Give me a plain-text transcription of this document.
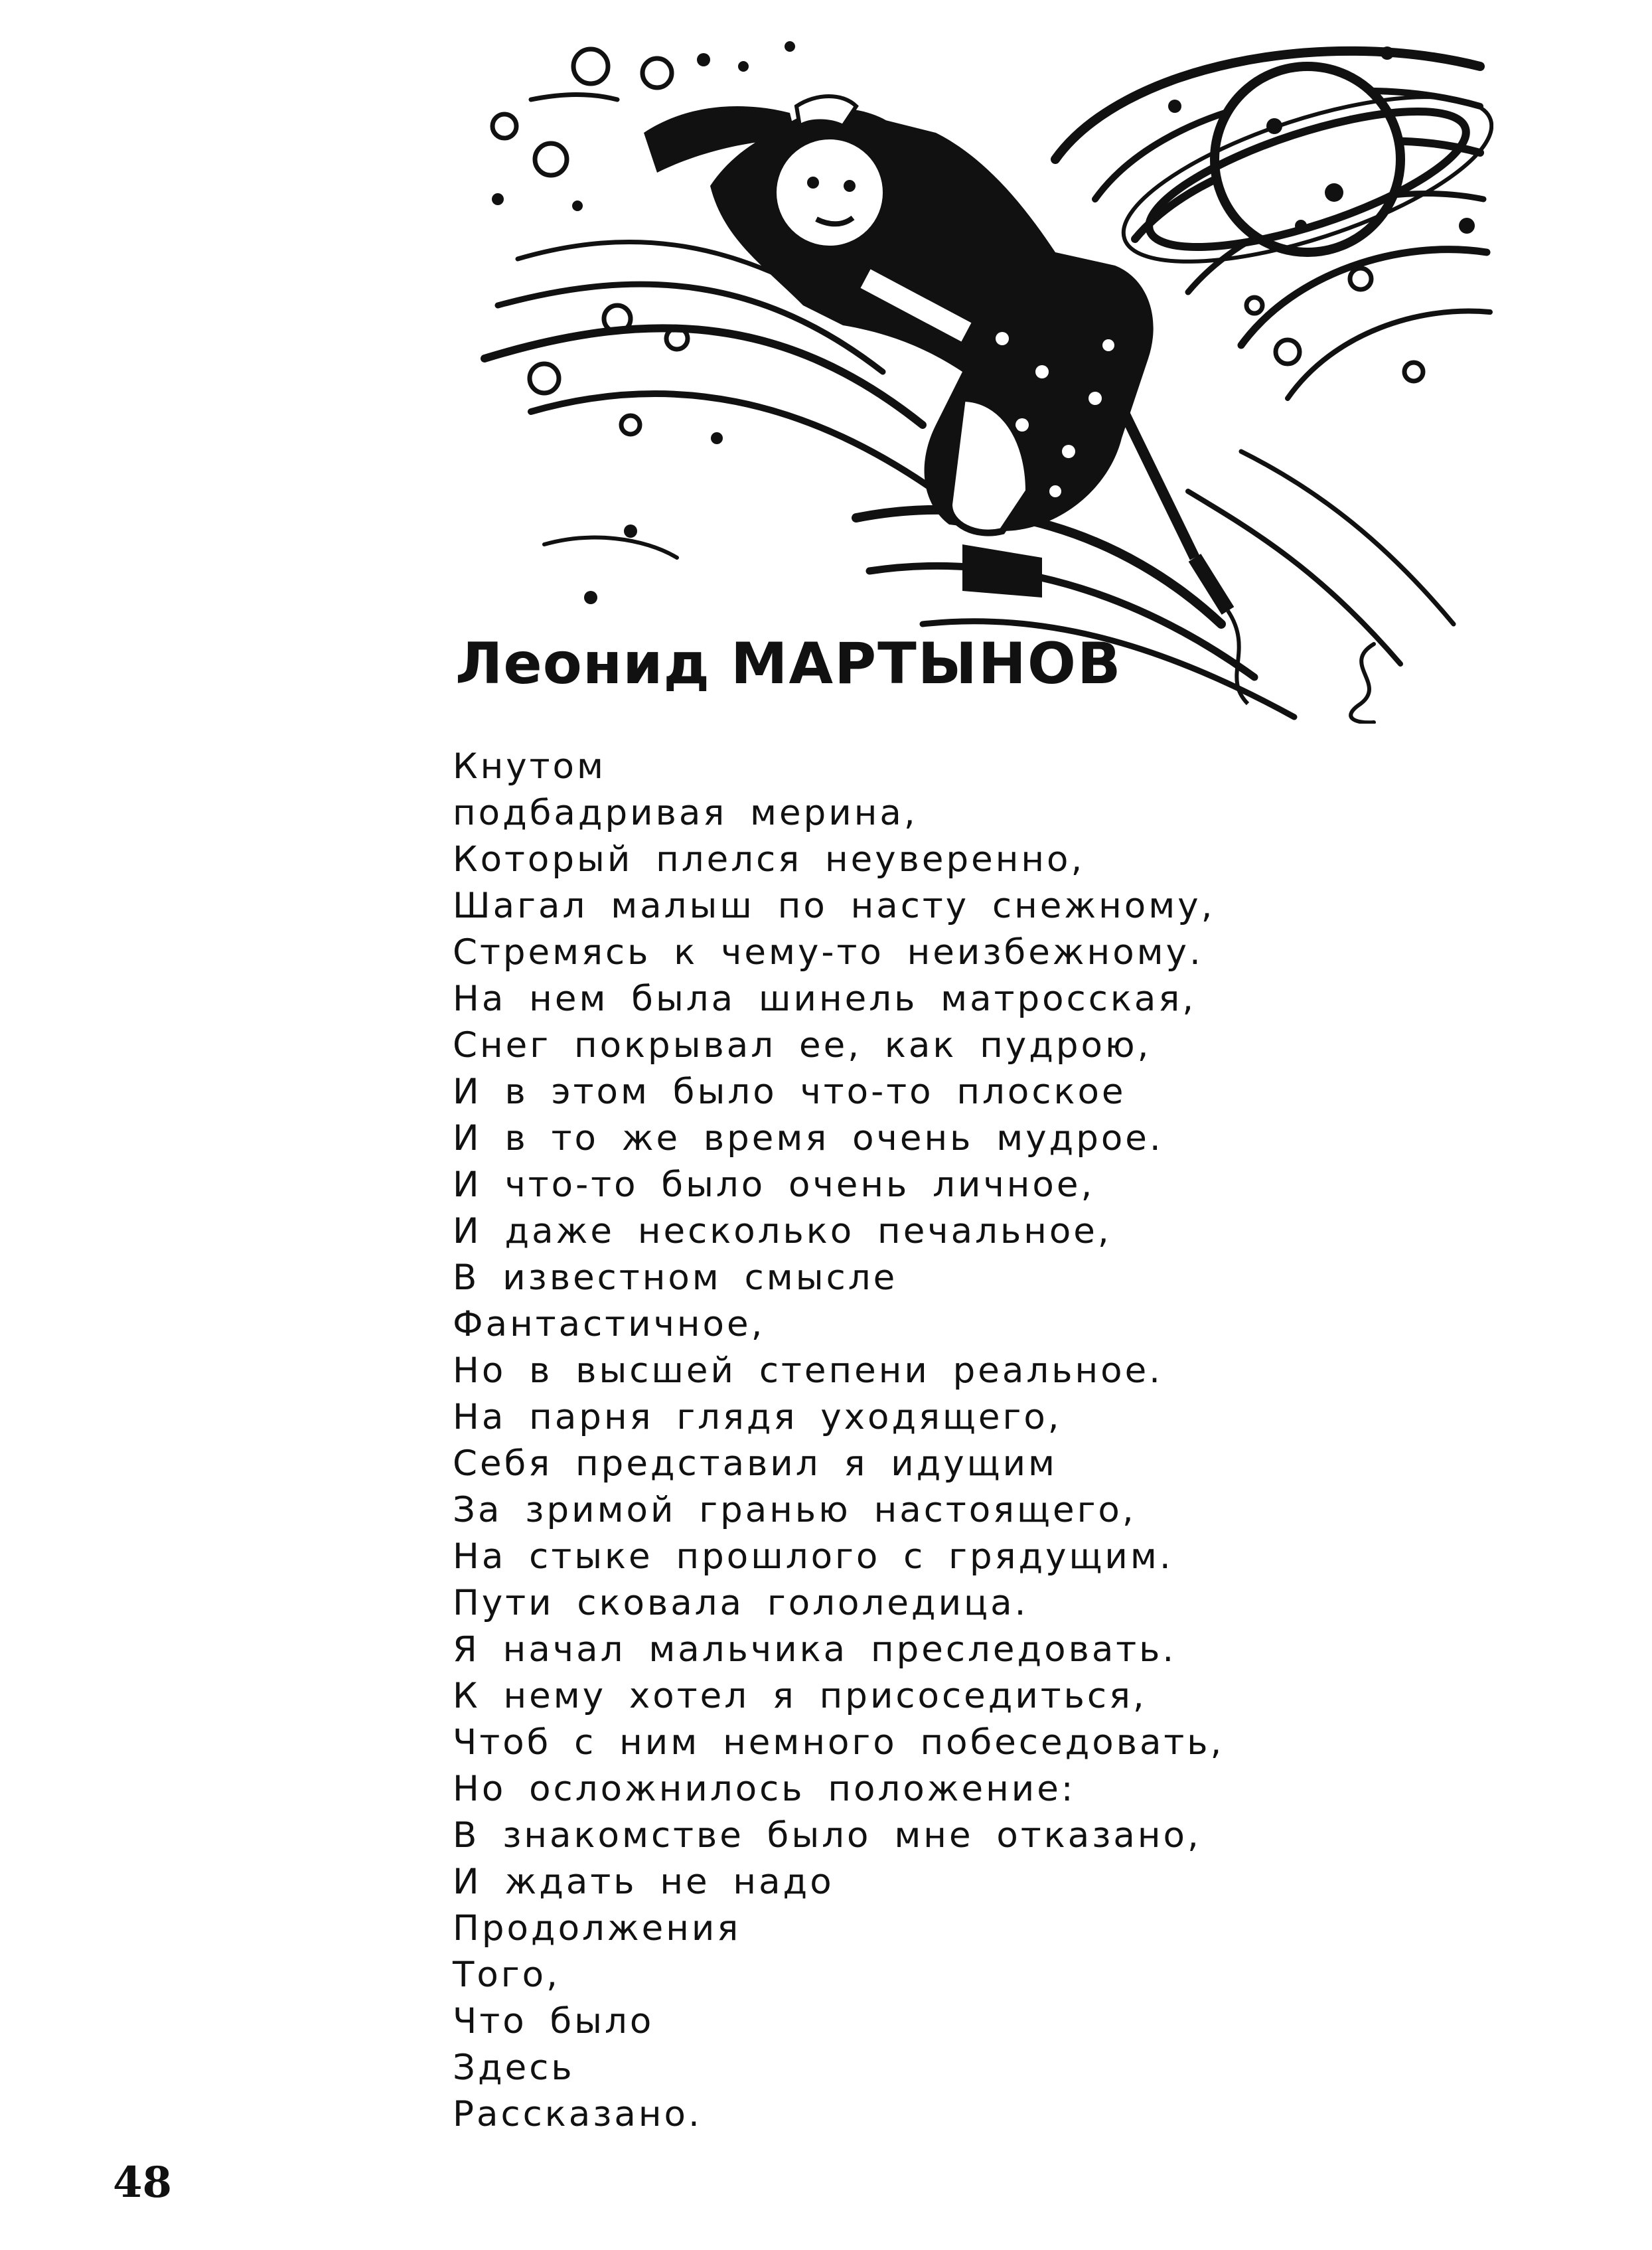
Леонид МАРТЫНОВ
Кнутом
подбадривая мерина,
Который плелся неуверенно,
Шагал малыш по насту снежному,
Стремясь к чему-то неизбежному.
На нем была шинель матросская,
Снег покрывал ее, как пудрою,
И в этом было что-то плоское
И в то же время очень мудрое.
И что-то было очень личное,
И даже несколько печальное,
В известном смысле
Фантастичное,
Но в высшей степени реальное.
На парня глядя уходящего,
Себя представил я идущим
За зримой гранью настоящего,
На стыке прошлого с грядущим.
Пути сковала гололедица.
Я начал мальчика преследовать.
К нему хотел я присоседиться,
Чтоб с ним немного побеседовать,
Но осложнилось положение:
В знакомстве было мне отказано,
И ждать не надо
Продолжения
Того,
Что было
Здесь
Рассказано.
48
